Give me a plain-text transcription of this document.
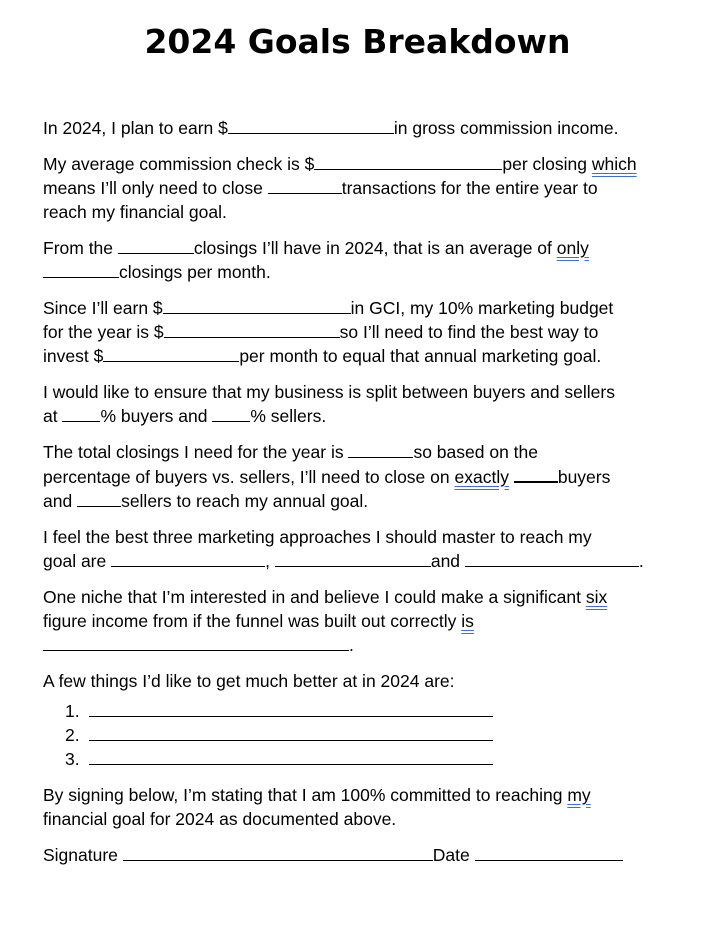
2024 Goals Breakdown
In 2024, I plan to earn $	in gross commission income.
My average commission check is $	per closing which
means I’ll only need to close	transactions for the entire year to
reach my financial goal.
From the	closings I’ll have in 2024, that is an average of only
closings per month.
Since I’ll earn $	in GCI, my 10% marketing budget
for the year is $	so I’ll need to find the best way to
invest $	per month to equal that annual marketing goal.
I would like to ensure that my business is split between buyers and sellers
at % buyers and % sellers.
The total closings I need for the year is	so based on the
percentage of buyers vs. sellers, I’ll need to close on exactly	buyers
and	sellers to reach my annual goal.
I feel the best three marketing approaches I should master to reach my
goal are	,	and	.
One niche that I’m interested in and believe I could make a significant six
figure income from if the funnel was built out correctly is
.
A few things I’d like to get much better at in 2024 are:
1.
2.
3.
By signing below, I’m stating that I am 100% committed to reaching my
financial goal for 2024 as documented above.
Signature	Date
